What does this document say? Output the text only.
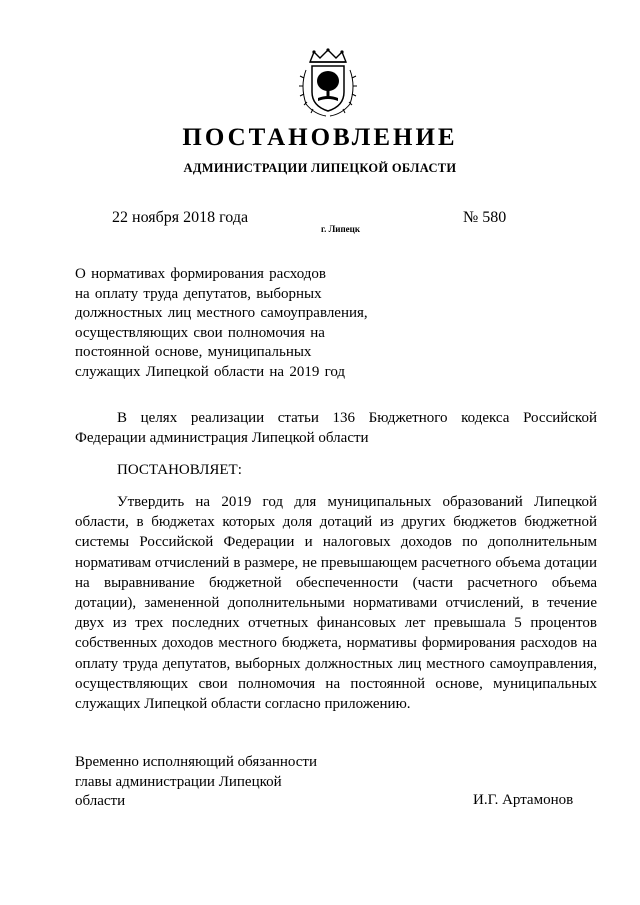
ПОСТАНОВЛЕНИЕ
АДМИНИСТРАЦИИ ЛИПЕЦКОЙ ОБЛАСТИ
22 ноября 2018 года
г. Липецк
№ 580
О нормативах формирования расходов
на оплату труда депутатов, выборных
должностных лиц местного самоуправления,
осуществляющих свои полномочия на
постоянной основе, муниципальных
служащих Липецкой области на 2019 год
В целях реализации статьи 136 Бюджетного кодекса Российской Федерации администрация Липецкой области
ПОСТАНОВЛЯЕТ:
Утвердить на 2019 год для муниципальных образований Липецкой области, в бюджетах которых доля дотаций из других бюджетов бюджетной системы Российской Федерации и налоговых доходов по дополнительным нормативам отчислений в размере, не превышающем расчетного объема дотации на выравнивание бюджетной обеспеченности (части расчетного объема дотации), замененной дополнительными нормативами отчислений, в течение двух из трех последних отчетных финансовых лет превышала 5 процентов собственных доходов местного бюджета, нормативы формирования расходов на оплату труда депутатов, выборных должностных лиц местного самоуправления, осуществляющих свои полномочия на постоянной основе, муниципальных служащих Липецкой области согласно приложению.
Временно исполняющий обязанности
главы администрации Липецкой
области	И.Г. Артамонов
